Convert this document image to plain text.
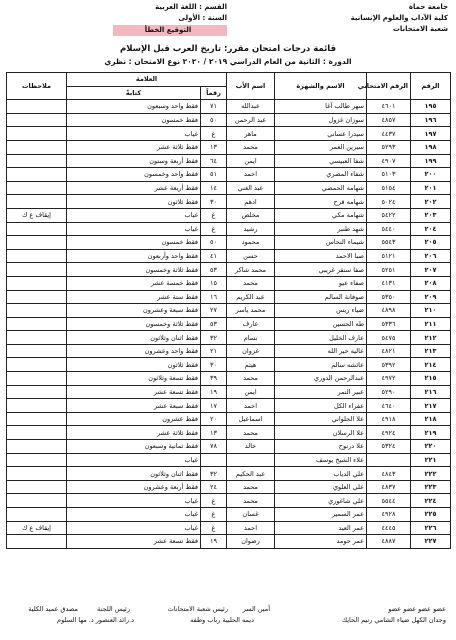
جامعة حماة
كلية الآداب والعلوم الإنسانية
شعبة الامتحانات
القسم : اللغة العربية
السنة : الأولى
التوقيع الخطأ
قائمة درجات امتحان مقرر: تاريخ العرب قبل الإسلام
الدورة : الثانية من العام الدراسي ٢٠١٩ / ٢٠٢٠ نوع الامتحان : نظري
الرقم	الرقم الامتحاني	الاسم والشهرة	اسم الأب	العلامة		ملاحظات
				رقماً	كتابةً	
١٩٥	٤٦٠١	سهر طالب آغا	عبدالله	٧١	فقط واحد وسبعون	
١٩٦	٤٨٥٧	سوزان غزول	عبد الرحمن	٥٠	فقط خمسون	
١٩٧	٤٤٣٧	سيدرا عساني	ماهر	غ	غياب	
١٩٨	٥٢٩٣	سيرين العمر	محمد	١٣	فقط ثلاثة عشر	
١٩٩	٤٩٠٧	شفا العبيسي	ايمن	٦٤	فقط أربعة وستون	
٢٠٠	٥١٠٣	شفاء المصري	احمد	٥١	فقط واحد وخمسون	
٢٠١	٥١٥٤	شهامه الحمصي	عبد الغني	١٤	فقط أربعة عشر	
٢٠٢	٥٠٢٤	شهامه قرح	ادهم	٣٠	فقط ثلاثون	
٢٠٣	٥٤٢٢	شهامه مكي	مخلص	غ	غياب	إيقاف ع ك
٢٠٤	٥٤٤٠	شهد طنبر	رشيد	غ	غياب	
٢٠٥	٥٥٤٣	شيماء النحاس	محمود	٥٠	فقط خمسون	
٢٠٦	٥١٢١	صبا الاحمد	حسن	٤١	فقط واحد وأربعون	
٢٠٧	٥٢٥١	صفا سنقر غريبي	محمد شاكر	٥٣	فقط ثلاثة وخمسون	
٢٠٨	٤١٣١	صفاء عيو	محمد	١٥	فقط خمسة عشر	
٢٠٩	٥٣٥٠	صوفانة السالم	عبد الكريم	١٦	فقط ستة عشر	
٢١٠	٤٨٩٨	ضياء ريس	محمد ياسر	٢٧	فقط سبعة وعشرون	
٢١١	٥٣٣٦	طه الحسين	عارف	٥٣	فقط ثلاثة وخمسون	
٢١٢	٥٤٧٥	عارف الخليل	بسام	٣٢	فقط اثنان وثلاثون	
٢١٣	٤٨٢١	عاليه خير الله	غزوان	٢١	فقط واحد وعشرون	
٢١٤	٥٣٩٢	عائشه سالم	هيثم	٣٠	فقط ثلاثون	
٢١٥	٤٩٧٢	عبدالرحمن الدوري	محمد	٣٩	فقط تسعة وثلاثون	
٢١٦	٥٢٩٠	عبير النمر	ايمن	١٩	فقط تسعة عشر	
٢١٧	٤٦٤٠	عفراء الكل	احمد	١٧	فقط سبعة عشر	
٢١٨	٤٩١٨	علا الحلواني	اسماعيل	٢٠	فقط عشرون	
٢١٩	٤٩٢٤	علا الرسلان	محمد	١٣	فقط ثلاثة عشر	
٢٢٠	٥٣٢٤	علا درنوح	خالد	٧٨	فقط ثمانية وسبعون	
٢٢١		علاء الشيخ يوسف			غياب	
٢٢٢	٤٨٤٣	علي الدياب	عبد الحكيم	٣٢	فقط اثنان وثلاثون	
٢٢٣	٤٨٣٧	علي العلوي	محمد	٢٤	فقط أربعة وعشرون	
٢٢٤	٥٥٤٤	علي شاغوري	محمد	غ	غياب	
٢٢٥	٤٩٢٨	عمر السمير	غسان	غ	غياب	
٢٢٦	٤٤٤٥	عمر العيد	احمد	غ	غياب	إيقاف ع ك
٢٢٧	٤٨٨٧	عمر حومد	رضوان	١٩	فقط تسعة عشر	
عضو عضو عضو عضو
وجدان الكهل ضياء الشامي رنيم الحايك
أمين السر
رئيس شعبة الامتحانات
ديمه الحلبية رباب وطفه
رئيس اللجنة
مصدق عميد الكلية
د.رائد العنصور د. مها السلوم
